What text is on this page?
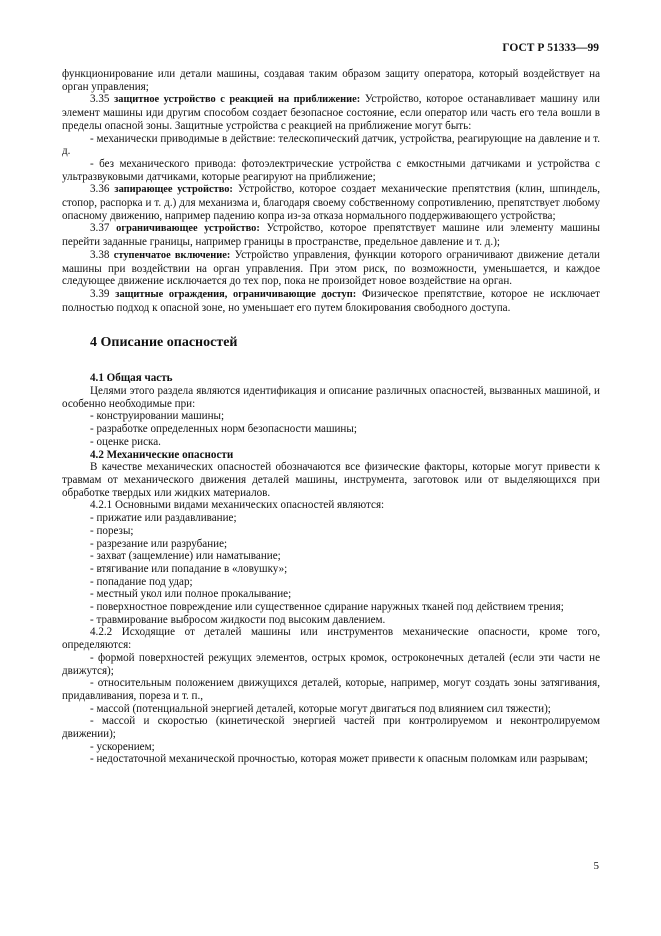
ГОСТ Р 51333—99

функционирование или детали машины, создавая таким образом защиту оператора, который воздействует на орган управления;

3.35 защитное устройство с реакцией на приближение: Устройство, которое останавливает машину или элемент машины иди другим способом создает безопасное состояние, если оператор или часть его тела вошли в пределы опасной зоны. Защитные устройства с реакцией на приближение могут быть:

- механически приводимые в действие: телескопический датчик, устройства, реагирующие на давление и т. д.

- без механического привода: фотоэлектрические устройства с емкостными датчиками и устройства с ультразвуковыми датчиками, которые реагируют на приближение;

3.36 запирающее устройство: Устройство, которое создает механические препятствия (клин, шпиндель, стопор, распорка и т. д.) для механизма и, благодаря своему собственному сопротивлению, препятствует любому опасному движению, например падению копра из-за отказа нормального поддерживающего устройства;

3.37 ограничивающее устройство: Устройство, которое препятствует машине или элементу машины перейти заданные границы, например границы в пространстве, предельное давление и т. д.);

3.38 ступенчатое включение: Устройство управления, функции которого ограничивают движение детали машины при воздействии на орган управления. При этом риск, по возможности, уменьшается, и каждое следующее движение исключается до тех пор, пока не произойдет новое воздействие на орган.

3.39 защитные ограждения, ограничивающие доступ: Физическое препятствие, которое не исключает полностью подход к опасной зоне, но уменьшает его путем блокирования свободного доступа.

4 Описание опасностей
4.1 Общая часть

Целями этого раздела являются идентификация и описание различных опасностей, вызванных машиной, и особенно необходимые при:

- конструировании машины;

- разработке определенных норм безопасности машины;

- оценке риска.

4.2 Механические опасности

В качестве механических опасностей обозначаются все физические факторы, которые могут привести к травмам от механического движения деталей машины, инструмента, заготовок или от выделяющихся при обработке твердых или жидких материалов.

4.2.1 Основными видами механических опасностей являются:

- прижатие или раздавливание;

- порезы;

- разрезание или разрубание;

- захват (защемление) или наматывание;

- втягивание или попадание в «ловушку»;

- попадание под удар;

- местный укол или полное прокалывание;

- поверхностное повреждение или существенное сдирание наружных тканей под действием трения;

- травмирование выбросом жидкости под высоким давлением.

4.2.2 Исходящие от деталей машины или инструментов механические опасности, кроме того, определяются:

- формой поверхностей режущих элементов, острых кромок, остроконечных деталей (если эти части не движутся);

- относительным положением движущихся деталей, которые, например, могут создать зоны затягивания, придавливания, пореза и т. п.,

- массой (потенциальной энергией деталей, которые могут двигаться под влиянием сил тяжести);

- массой и скоростью (кинетической энергией частей при контролируемом и неконтролируемом движении);

- ускорением;

- недостаточной механической прочностью, которая может привести к опасным поломкам или разрывам;

5
